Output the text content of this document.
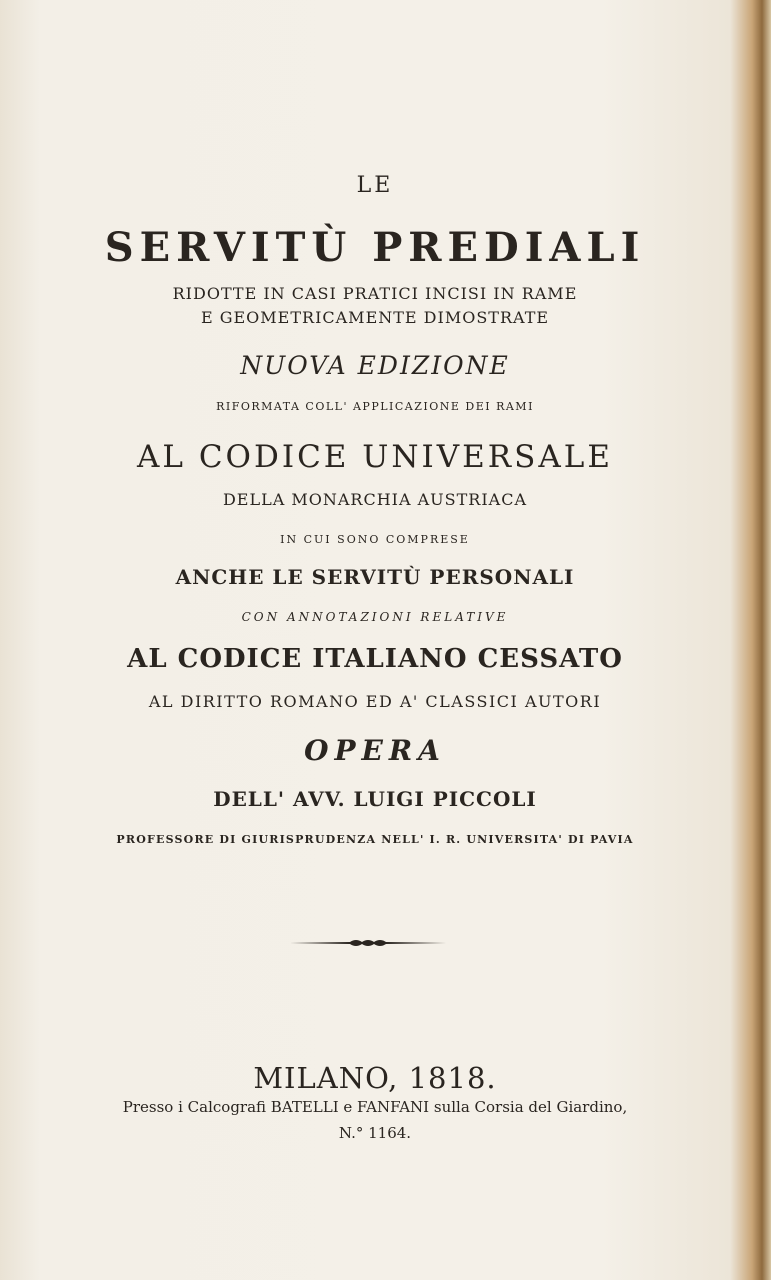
LE
SERVITÙ PREDIALI
RIDOTTE IN CASI PRATICI INCISI IN RAME
E GEOMETRICAMENTE DIMOSTRATE
NUOVA EDIZIONE
RIFORMATA COLL' APPLICAZIONE DEI RAMI
AL CODICE UNIVERSALE
DELLA MONARCHIA AUSTRIACA
IN CUI SONO COMPRESE
ANCHE LE SERVITÙ PERSONALI
CON ANNOTAZIONI RELATIVE
AL CODICE ITALIANO CESSATO
AL DIRITTO ROMANO ED A' CLASSICI AUTORI
OPERA
DELL' AVV. LUIGI PICCOLI
PROFESSORE DI GIURISPRUDENZA NELL' I. R. UNIVERSITA' DI PAVIA
MILANO, 1818.
Presso i Calcografi BATELLI e FANFANI sulla Corsia del Giardino,
N.° 1164.
